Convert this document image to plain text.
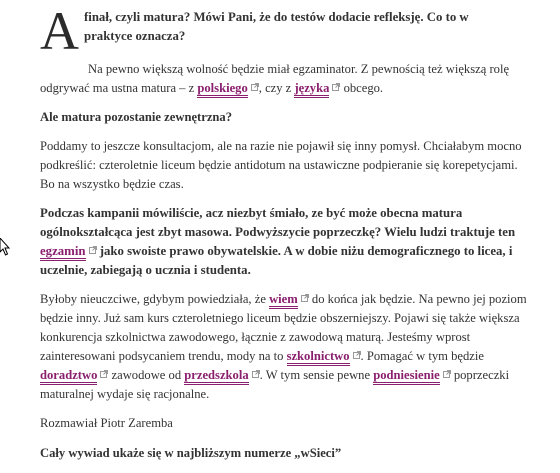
A finał, czyli matura? Mówi Pani, że do testów dodacie refleksję. Co to w praktyce oznacza?

Na pewno większą wolność będzie miał egzaminator. Z pewnością też większą rolę odgrywać ma ustna matura – z polskiego , czy z języka obcego.

Ale matura pozostanie zewnętrzna?

Poddamy to jeszcze konsultacjom, ale na razie nie pojawił się inny pomysł. Chciałabym mocno podkreślić: czteroletnie liceum będzie antidotum na ustawiczne podpieranie się korepetycjami. Bo na wszystko będzie czas.

Podczas kampanii mówiliście, acz niezbyt śmiało, ze być może obecna matura ogólnokształcąca jest zbyt masowa. Podwyższycie poprzeczkę? Wielu ludzi traktuje ten egzamin jako swoiste prawo obywatelskie. A w dobie niżu demograficznego to licea, i uczelnie, zabiegają o ucznia i studenta.

Byłoby nieuczciwe, gdybym powiedziała, że wiem do końca jak będzie. Na pewno jej poziom będzie inny. Już sam kurs czteroletniego liceum będzie obszerniejszy. Pojawi się także większa konkurencja szkolnictwa zawodowego, łącznie z zawodową maturą. Jesteśmy wprost zainteresowani podsycaniem trendu, mody na to szkolnictwo . Pomagać w tym będzie doradztwo zawodowe od przedszkola . W tym sensie pewne podniesienie poprzeczki maturalnej wydaje się racjonalne.

Rozmawiał Piotr Zaremba

Cały wywiad ukaże się w najbliższym numerze „wSieci”
